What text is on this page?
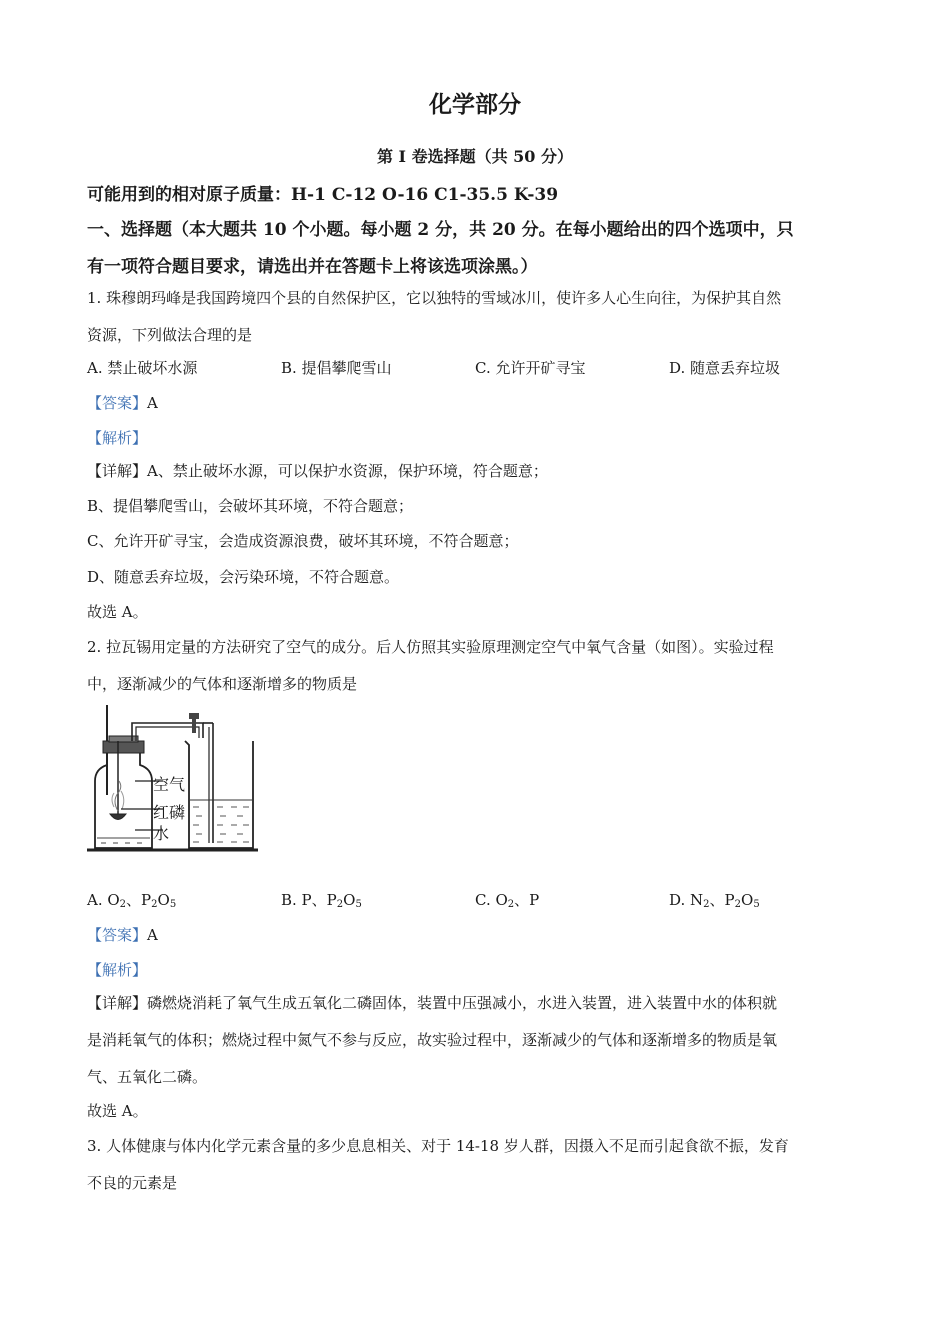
化学部分
第 I 卷选择题（共 50 分）
可能用到的相对原子质量：H-1 C-12 O-16 C1-35.5 K-39
一、选择题（本大题共 10 个小题。每小题 2 分，共 20 分。在每小题给出的四个选项中，只
有一项符合题目要求，请选出并在答题卡上将该选项涂黑。）
1. 珠穆朗玛峰是我国跨境四个县的自然保护区，它以独特的雪域冰川，使许多人心生向往，为保护其自然
资源，下列做法合理的是
A. 禁止破坏水源	B. 提倡攀爬雪山	C. 允许开矿寻宝	D. 随意丢弃垃圾
【答案】A
【解析】
【详解】A、禁止破坏水源，可以保护水资源，保护环境，符合题意；
B、提倡攀爬雪山，会破坏其环境，不符合题意；
C、允许开矿寻宝，会造成资源浪费，破坏其环境，不符合题意；
D、随意丢弃垃圾，会污染环境，不符合题意。
故选 A。
2. 拉瓦锡用定量的方法研究了空气的成分。后人仿照其实验原理测定空气中氧气含量（如图）。实验过程
中，逐渐减少的气体和逐渐增多的物质是
空气
红磷
水
A. $O_2$、$P_2O_5$	B. P、$P_2O_5$	C. $O_2$、P	D. $N_2$、$P_2O_5$
【答案】A
【解析】
【详解】磷燃烧消耗了氧气生成五氧化二磷固体，装置中压强减小，水进入装置，进入装置中水的体积就
是消耗氧气的体积；燃烧过程中氮气不参与反应，故实验过程中，逐渐减少的气体和逐渐增多的物质是氧
气、五氧化二磷。
故选 A。
3. 人体健康与体内化学元素含量的多少息息相关、对于 14-18 岁人群，因摄入不足而引起食欲不振，发育
不良的元素是
